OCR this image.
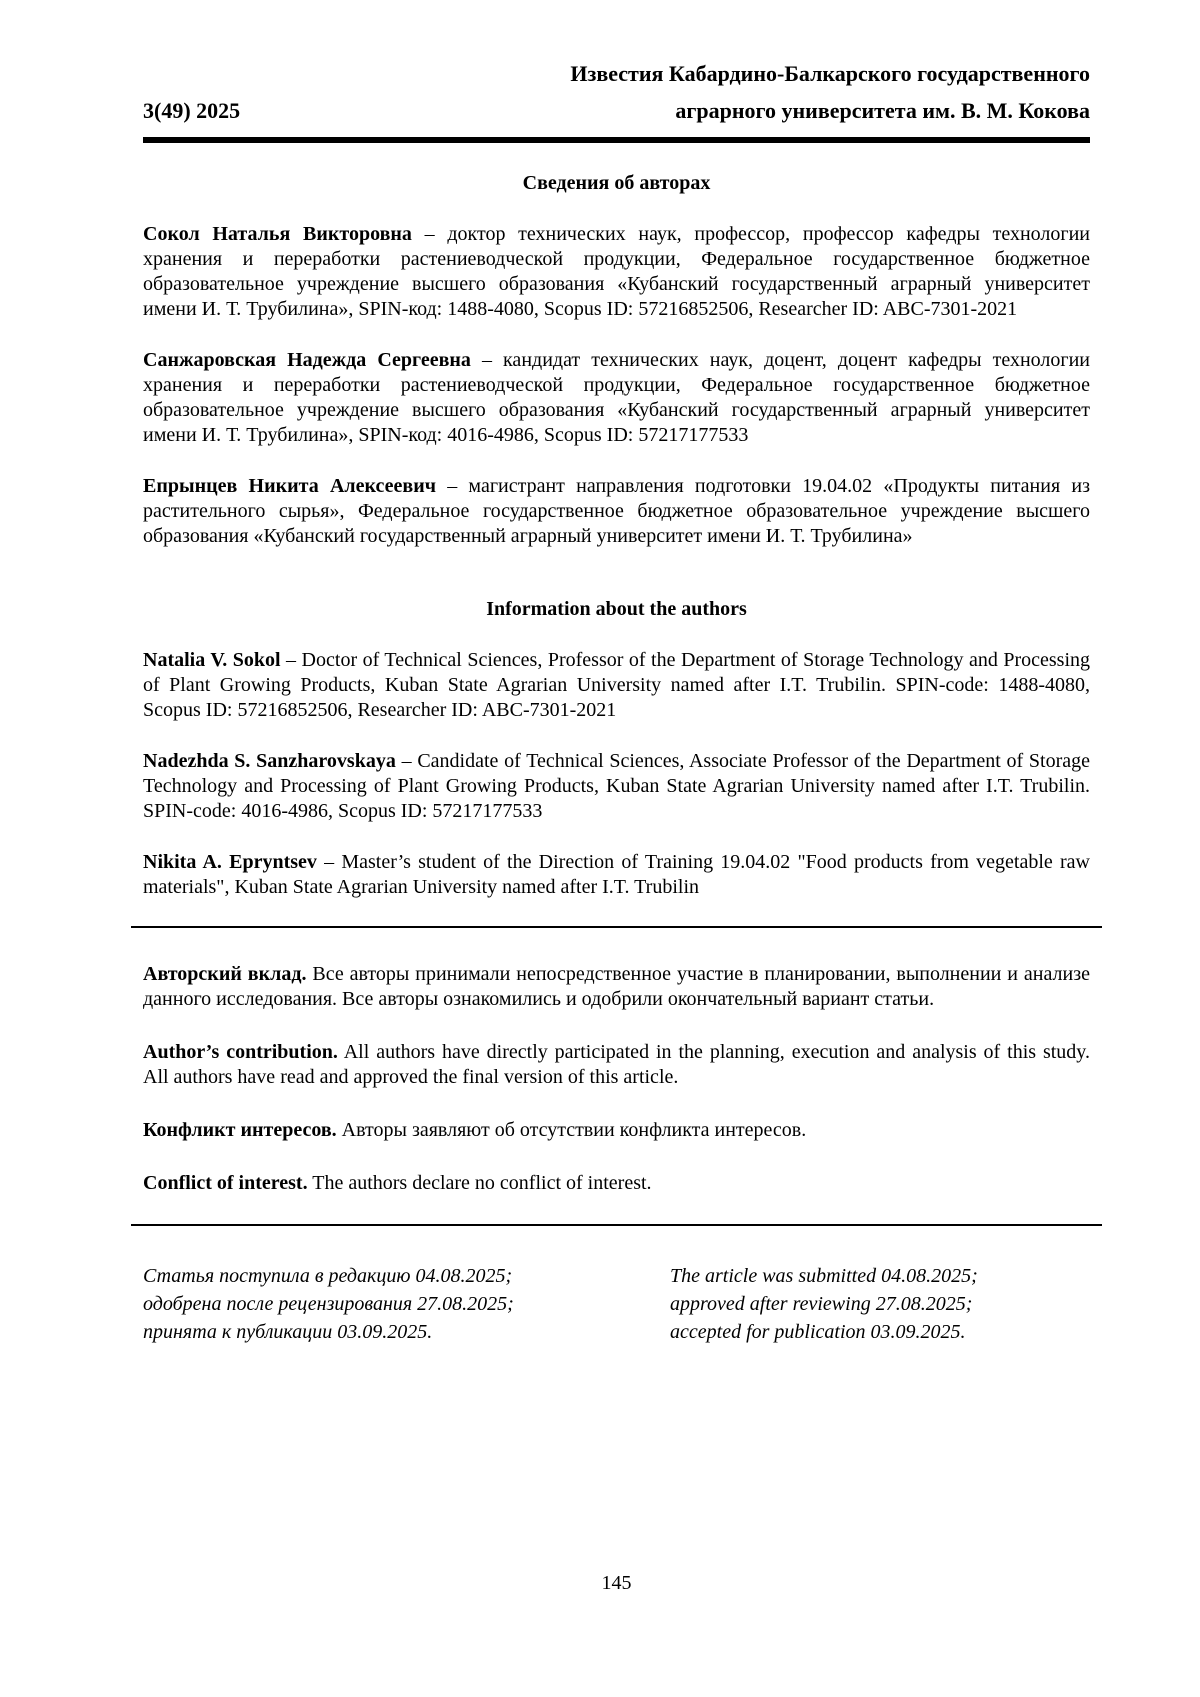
3(49) 2025
Известия Кабардино-Балкарского государственного
аграрного университета им. В. М. Кокова
Сведения об авторах

Сокол Наталья Викторовна – доктор технических наук, профессор, профессор кафедры технологии хранения и переработки растениеводческой продукции, Федеральное государственное бюджетное образовательное учреждение высшего образования «Кубанский государственный аграрный университет имени И. Т. Трубилина», SPIN-код: 1488-4080, Scopus ID: 57216852506, Researcher ID: ABC-7301-2021

Санжаровская Надежда Сергеевна – кандидат технических наук, доцент, доцент кафедры технологии хранения и переработки растениеводческой продукции, Федеральное государственное бюджетное образовательное учреждение высшего образования «Кубанский государственный аграрный университет имени И. Т. Трубилина», SPIN-код: 4016-4986, Scopus ID: 57217177533

Епрынцев Никита Алексеевич – магистрант направления подготовки 19.04.02 «Продукты питания из растительного сырья», Федеральное государственное бюджетное образовательное учреждение высшего образования «Кубанский государственный аграрный университет имени И. Т. Трубилина»

Information about the authors

Natalia V. Sokol – Doctor of Technical Sciences, Professor of the Department of Storage Technology and Processing of Plant Growing Products, Kuban State Agrarian University named after I.T. Trubilin. SPIN-code: 1488-4080, Scopus ID: 57216852506, Researcher ID: ABC-7301-2021

Nadezhda S. Sanzharovskaya – Candidate of Technical Sciences, Associate Professor of the Department of Storage Technology and Processing of Plant Growing Products, Kuban State Agrarian University named after I.T. Trubilin. SPIN-code: 4016-4986, Scopus ID: 57217177533

Nikita A. Epryntsev – Master’s student of the Direction of Training 19.04.02 "Food products from vegetable raw materials", Kuban State Agrarian University named after I.T. Trubilin

Авторский вклад. Все авторы принимали непосредственное участие в планировании, выполнении и анализе данного исследования. Все авторы ознакомились и одобрили окончательный вариант статьи.

Author’s contribution. All authors have directly participated in the planning, execution and analysis of this study. All authors have read and approved the final version of this article.

Конфликт интересов. Авторы заявляют об отсутствии конфликта интересов.

Conflict of interest. The authors declare no conflict of interest.

Статья поступила в редакцию 04.08.2025;
одобрена после рецензирования 27.08.2025;
принята к публикации 03.09.2025.
The article was submitted 04.08.2025;
approved after reviewing 27.08.2025;
accepted for publication 03.09.2025.
145
